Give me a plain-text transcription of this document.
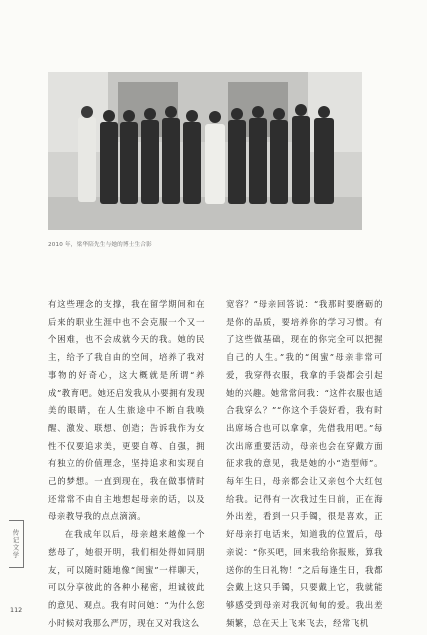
2010 年，梁华陪先生与她的博士生合影

有这些理念的支撑，我在留学期间和在后来的职业生涯中也不会克服一个又一个困难，也不会成就今天的我。她的民主，给予了我自由的空间，培养了我对事物的好奇心，这大概就是所谓“养成”教育吧。她还启发我从小要拥有发现美的眼睛，在人生旅途中不断自我唤醒、激发、联想、创造；告诉我作为女性不仅要追求美，更要自尊、自强，拥有独立的价值理念，坚持追求和实现自己的梦想。一直到现在，我在做事情时还常常不由自主地想起母亲的话，以及母亲教导我的点点滴滴。

在我成年以后，母亲越来越像一个慈母了，她很开明，我们相处得如同朋友，可以随时随地像“闺蜜”一样聊天，可以分享彼此的各种小秘密，坦诚彼此的意见、观点。我有时问她：“为什么您小时候对我那么严厉，现在又对我这么

宽容？”母亲回答说：“我那时要磨砺的是你的品质，要培养你的学习习惯。有了这些做基础，现在的你完全可以把握自己的人生。”我的“闺蜜”母亲非常可爱，我穿得衣服，我拿的手袋都会引起她的兴趣。她常常问我：“这件衣服也适合我穿么？”“你这个手袋好看，我有时出席场合也可以拿拿，先借我用吧。”每次出席重要活动，母亲也会在穿戴方面征求我的意见，我是她的小“造型师”。每年生日，母亲都会让又亲包个大红包给我。记得有一次我过生日前，正在海外出差，看到一只手镯，很是喜欢，正好母亲打电话来，知道我的位置后，母亲说：“你买吧，回来我给你报账，算我送你的生日礼物！”之后每逢生日，我都会戴上这只手镯，只要戴上它，我就能够感受到母亲对我沉甸甸的爱。我出差频繁，总在天上飞来飞去，经常飞机

传记文学
112
